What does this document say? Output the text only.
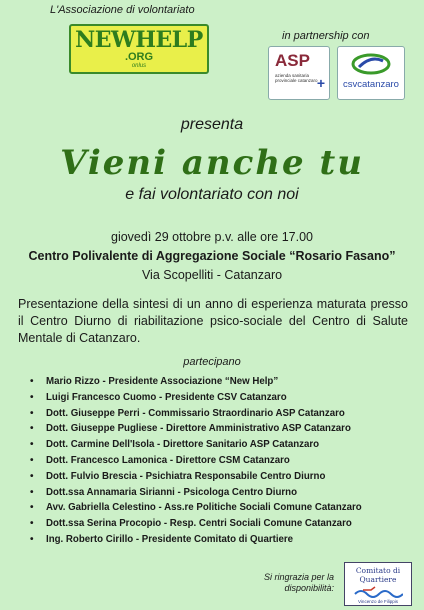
L'Associazione di volontariato
NEWHELP
.ORG
onlus
in partnership con
ASP
azienda sanitaria provinciale catanzaro +	csvcatanzaro
presenta
Vieni anche tu
e fai volontariato con noi
giovedì 29 ottobre p.v. alle ore 17.00
Centro Polivalente di Aggregazione Sociale “Rosario Fasano”
Via Scopelliti - Catanzaro
Presentazione della sintesi di un anno di esperienza maturata presso il Centro Diurno di riabilitazione psico-sociale del Centro di Salute Mentale di Catanzaro.
partecipano
• Mario Rizzo - Presidente Associazione “New Help”
• Luigi Francesco Cuomo - Presidente CSV Catanzaro
• Dott. Giuseppe Perri - Commissario Straordinario ASP Catanzaro
• Dott. Giuseppe Pugliese - Direttore Amministrativo ASP Catanzaro
• Dott. Carmine Dell'Isola - Direttore Sanitario ASP Catanzaro
• Dott. Francesco Lamonica - Direttore CSM Catanzaro
• Dott. Fulvio Brescia - Psichiatra Responsabile Centro Diurno
• Dott.ssa Annamaria Sirianni - Psicologa Centro Diurno
• Avv. Gabriella Celestino - Ass.re Politiche Sociali Comune Catanzaro
• Dott.ssa Serina Procopio - Resp. Centri Sociali Comune Catanzaro
• Ing. Roberto Cirillo - Presidente Comitato di Quartiere
Si ringrazia per la disponibilità:
Comitato di Quartiere
Vincenzo de Filippis
